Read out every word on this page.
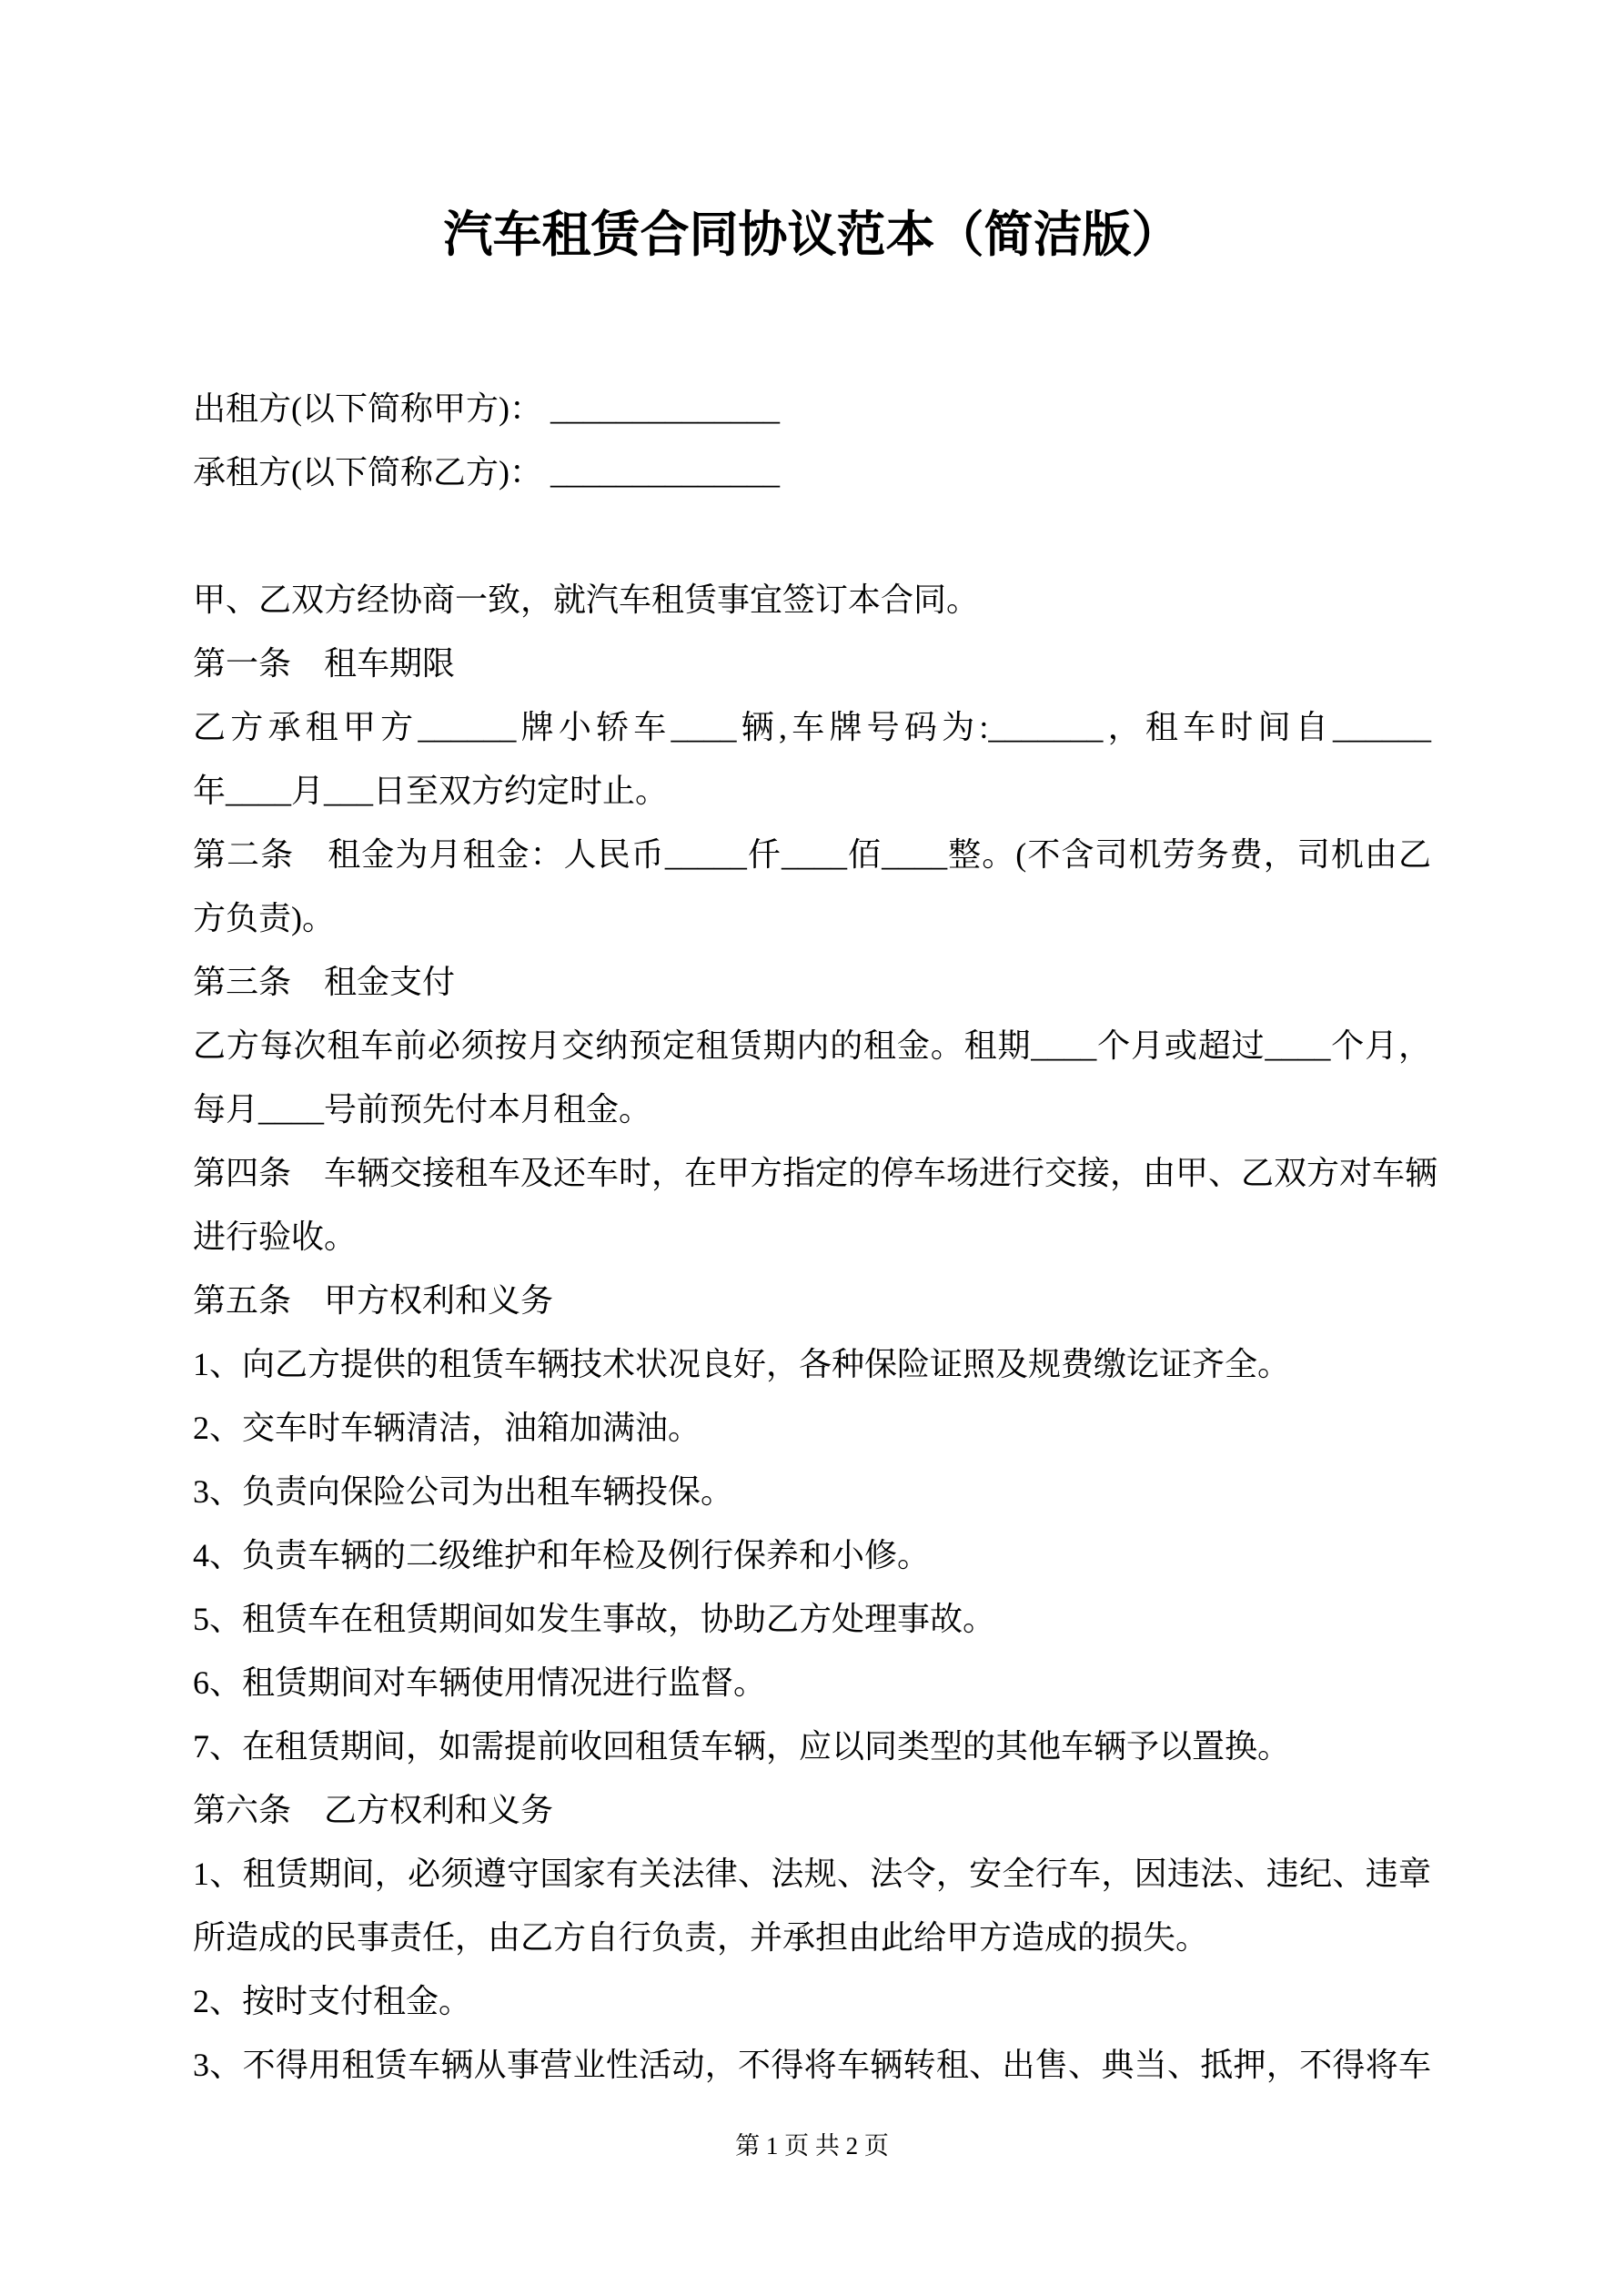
汽车租赁合同协议范本（简洁版）
出租方(以下简称甲方)： ______________
承租方(以下简称乙方)： ______________
甲、乙双方经协商一致，就汽车租赁事宜签订本合同。
第一条　租车期限
乙方承租甲方______牌小轿车____辆,车牌号码为:_______，租车时间自______
年____月___日至双方约定时止。
第二条　租金为月租金：人民币_____仟____佰____整。(不含司机劳务费，司机由乙
方负责)。
第三条　租金支付
乙方每次租车前必须按月交纳预定租赁期内的租金。租期____个月或超过____个月，
每月____号前预先付本月租金。
第四条　车辆交接租车及还车时，在甲方指定的停车场进行交接，由甲、乙双方对车辆
进行验收。
第五条　甲方权利和义务
1、向乙方提供的租赁车辆技术状况良好，各种保险证照及规费缴讫证齐全。
2、交车时车辆清洁，油箱加满油。
3、负责向保险公司为出租车辆投保。
4、负责车辆的二级维护和年检及例行保养和小修。
5、租赁车在租赁期间如发生事故，协助乙方处理事故。
6、租赁期间对车辆使用情况进行监督。
7、在租赁期间，如需提前收回租赁车辆，应以同类型的其他车辆予以置换。
第六条　乙方权利和义务
1、租赁期间，必须遵守国家有关法律、法规、法令，安全行车，因违法、违纪、违章
所造成的民事责任，由乙方自行负责，并承担由此给甲方造成的损失。
2、按时支付租金。
3、不得用租赁车辆从事营业性活动，不得将车辆转租、出售、典当、抵押，不得将车
第 1 页 共 2 页
